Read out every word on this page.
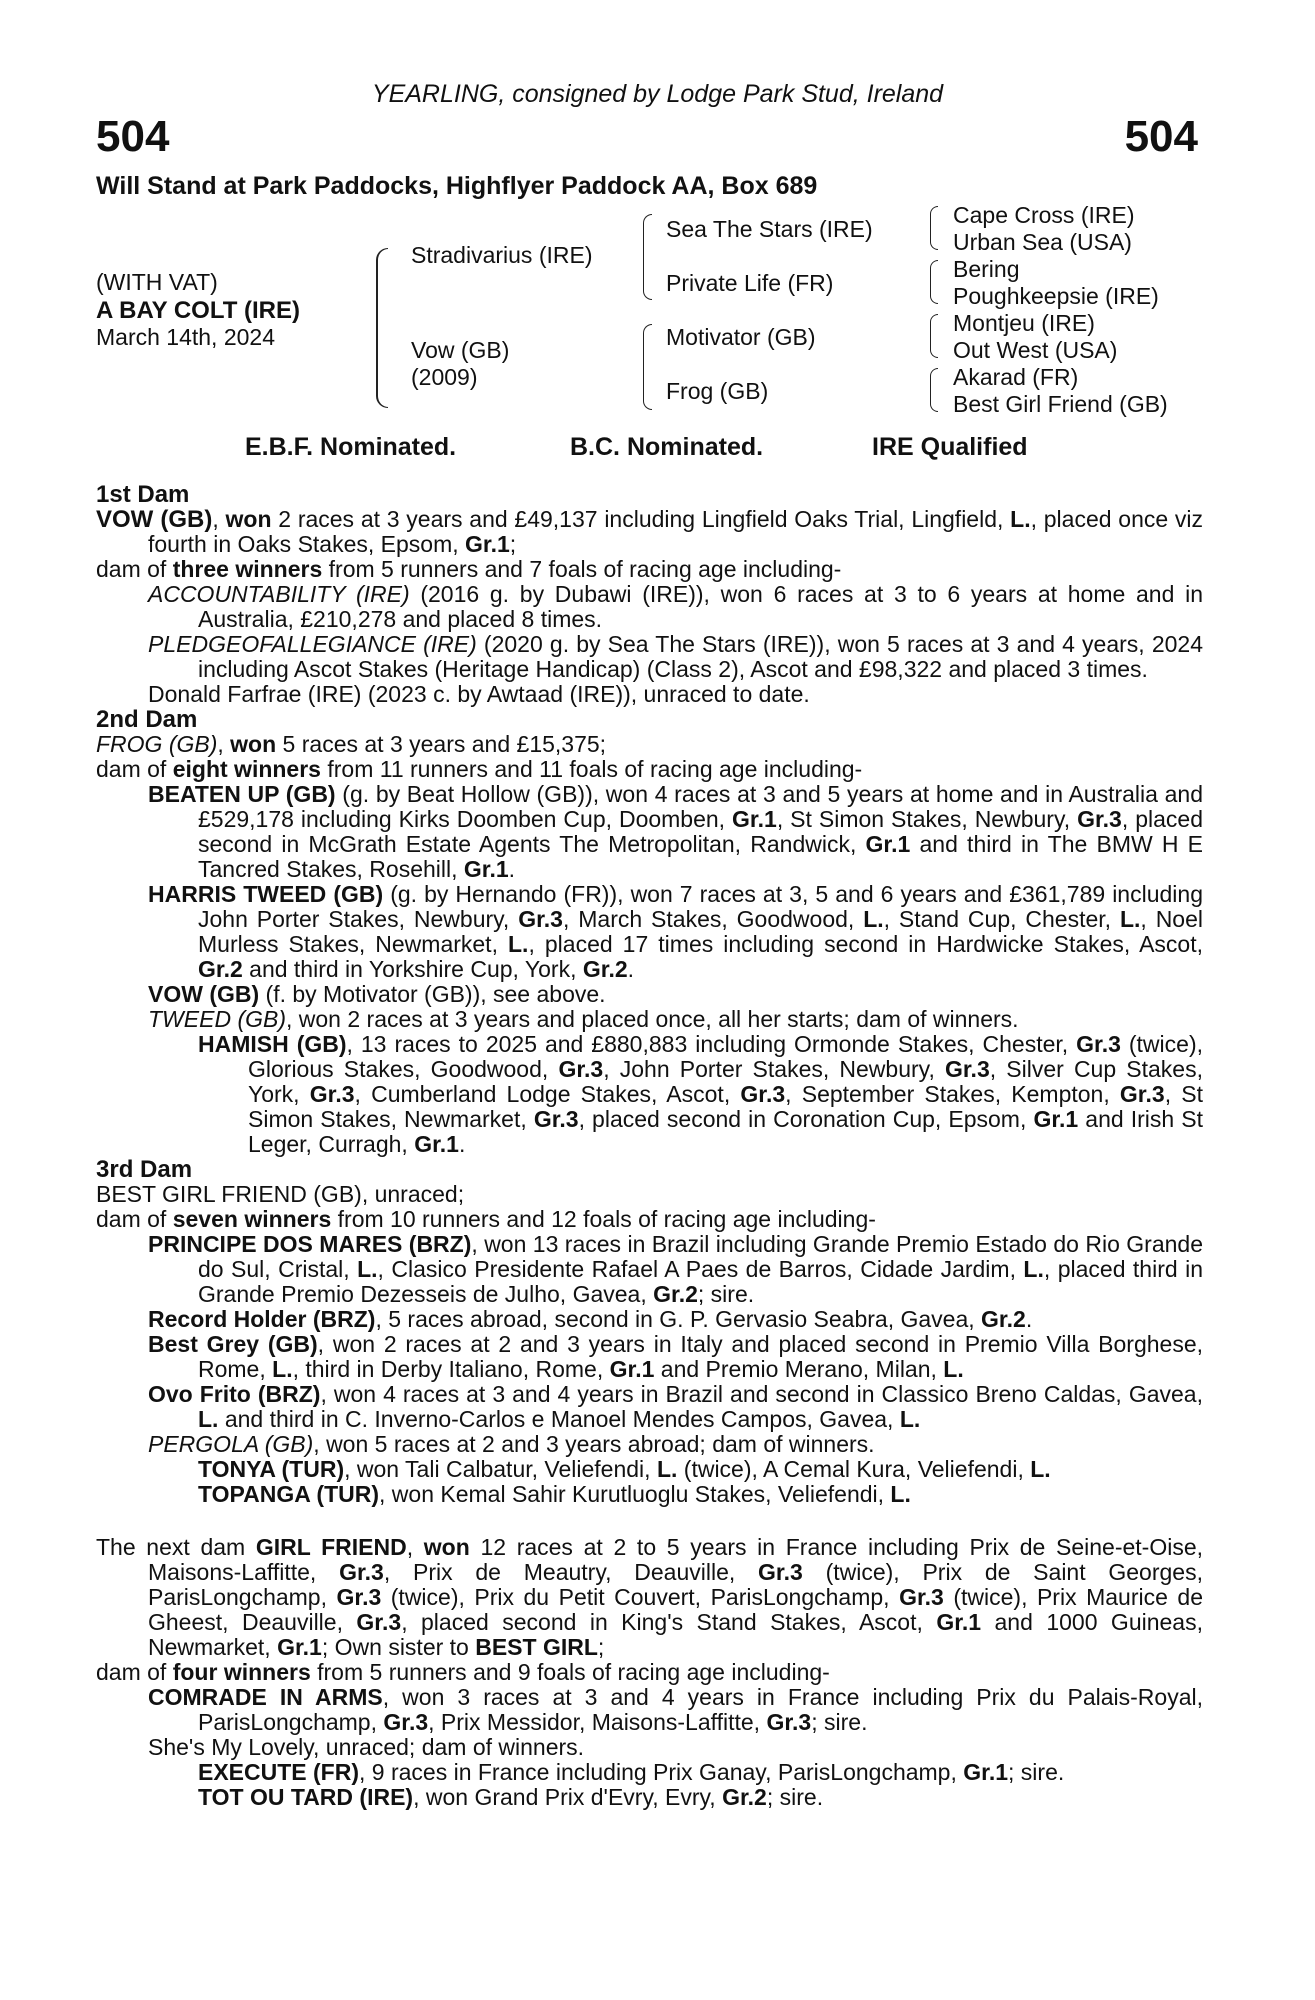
YEARLING, consigned by Lodge Park Stud, Ireland
504	504
Will Stand at Park Paddocks, Highflyer Paddock AA, Box 689
(WITH VAT)
A BAY COLT (IRE)
March 14th, 2024
Stradivarius (IRE)
Vow (GB)
(2009)
Sea The Stars (IRE)
Private Life (FR)
Motivator (GB)
Frog (GB)
Cape Cross (IRE)
Urban Sea (USA)
Bering
Poughkeepsie (IRE)
Montjeu (IRE)
Out West (USA)
Akarad (FR)
Best Girl Friend (GB)
E.B.F. Nominated.	B.C. Nominated.	IRE Qualified

1st Dam

VOW (GB), won 2 races at 3 years and £49,137 including Lingfield Oaks Trial, Lingfield, L., placed once viz fourth in Oaks Stakes, Epsom, Gr.1;

dam of three winners from 5 runners and 7 foals of racing age including-

ACCOUNTABILITY (IRE) (2016 g. by Dubawi (IRE)), won 6 races at 3 to 6 years at home and in Australia, £210,278 and placed 8 times.

PLEDGEOFALLEGIANCE (IRE) (2020 g. by Sea The Stars (IRE)), won 5 races at 3 and 4 years, 2024 including Ascot Stakes (Heritage Handicap) (Class 2), Ascot and £98,322 and placed 3 times.

Donald Farfrae (IRE) (2023 c. by Awtaad (IRE)), unraced to date.

2nd Dam

FROG (GB), won 5 races at 3 years and £15,375;

dam of eight winners from 11 runners and 11 foals of racing age including-

BEATEN UP (GB) (g. by Beat Hollow (GB)), won 4 races at 3 and 5 years at home and in Australia and £529,178 including Kirks Doomben Cup, Doomben, Gr.1, St Simon Stakes, Newbury, Gr.3, placed second in McGrath Estate Agents The Metropolitan, Randwick, Gr.1 and third in The BMW H E Tancred Stakes, Rosehill, Gr.1.

HARRIS TWEED (GB) (g. by Hernando (FR)), won 7 races at 3, 5 and 6 years and £361,789 including John Porter Stakes, Newbury, Gr.3, March Stakes, Goodwood, L., Stand Cup, Chester, L., Noel Murless Stakes, Newmarket, L., placed 17 times including second in Hardwicke Stakes, Ascot, Gr.2 and third in Yorkshire Cup, York, Gr.2.

VOW (GB) (f. by Motivator (GB)), see above.

TWEED (GB), won 2 races at 3 years and placed once, all her starts; dam of winners.

HAMISH (GB), 13 races to 2025 and £880,883 including Ormonde Stakes, Chester, Gr.3 (twice), Glorious Stakes, Goodwood, Gr.3, John Porter Stakes, Newbury, Gr.3, Silver Cup Stakes, York, Gr.3, Cumberland Lodge Stakes, Ascot, Gr.3, September Stakes, Kempton, Gr.3, St Simon Stakes, Newmarket, Gr.3, placed second in Coronation Cup, Epsom, Gr.1 and Irish St Leger, Curragh, Gr.1.

3rd Dam

BEST GIRL FRIEND (GB), unraced;

dam of seven winners from 10 runners and 12 foals of racing age including-

PRINCIPE DOS MARES (BRZ), won 13 races in Brazil including Grande Premio Estado do Rio Grande do Sul, Cristal, L., Clasico Presidente Rafael A Paes de Barros, Cidade Jardim, L., placed third in Grande Premio Dezesseis de Julho, Gavea, Gr.2; sire.

Record Holder (BRZ), 5 races abroad, second in G. P. Gervasio Seabra, Gavea, Gr.2.

Best Grey (GB), won 2 races at 2 and 3 years in Italy and placed second in Premio Villa Borghese, Rome, L., third in Derby Italiano, Rome, Gr.1 and Premio Merano, Milan, L.

Ovo Frito (BRZ), won 4 races at 3 and 4 years in Brazil and second in Classico Breno Caldas, Gavea, L. and third in C. Inverno-Carlos e Manoel Mendes Campos, Gavea, L.

PERGOLA (GB), won 5 races at 2 and 3 years abroad; dam of winners.

TONYA (TUR), won Tali Calbatur, Veliefendi, L. (twice), A Cemal Kura, Veliefendi, L.

TOPANGA (TUR), won Kemal Sahir Kurutluoglu Stakes, Veliefendi, L.

The next dam GIRL FRIEND, won 12 races at 2 to 5 years in France including Prix de Seine-et-Oise, Maisons-Laffitte, Gr.3, Prix de Meautry, Deauville, Gr.3 (twice), Prix de Saint Georges, ParisLongchamp, Gr.3 (twice), Prix du Petit Couvert, ParisLongchamp, Gr.3 (twice), Prix Maurice de Gheest, Deauville, Gr.3, placed second in King's Stand Stakes, Ascot, Gr.1 and 1000 Guineas, Newmarket, Gr.1; Own sister to BEST GIRL;

dam of four winners from 5 runners and 9 foals of racing age including-

COMRADE IN ARMS, won 3 races at 3 and 4 years in France including Prix du Palais-Royal, ParisLongchamp, Gr.3, Prix Messidor, Maisons-Laffitte, Gr.3; sire.

She's My Lovely, unraced; dam of winners.

EXECUTE (FR), 9 races in France including Prix Ganay, ParisLongchamp, Gr.1; sire.

TOT OU TARD (IRE), won Grand Prix d'Evry, Evry, Gr.2; sire.
